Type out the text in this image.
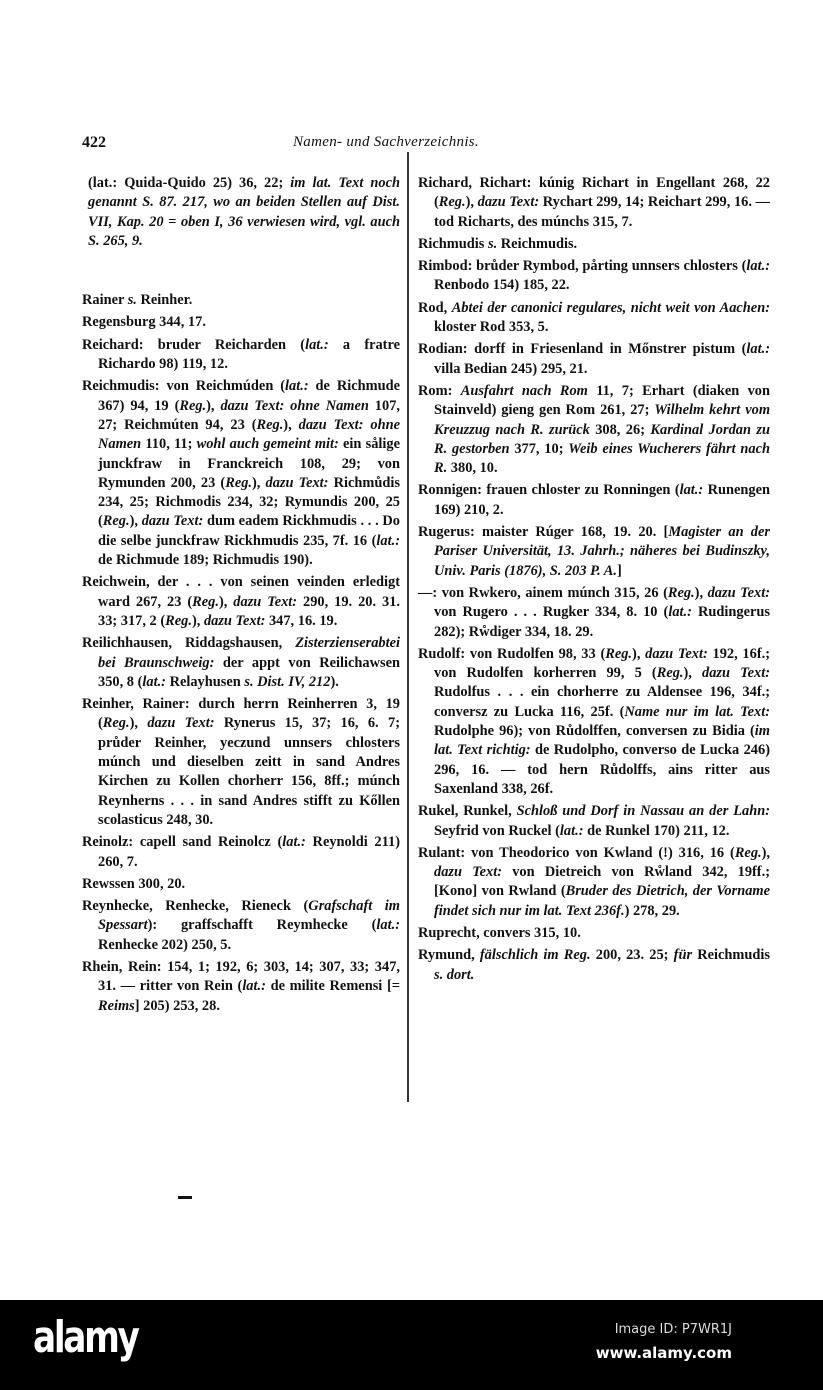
422	Namen- und Sachverzeichnis.
(lat.: Quida-Quido 25) 36, 22; im lat. Text noch genannt S. 87. 217, wo an beiden Stellen auf Dist. VII, Kap. 20 = oben I, 36 verwiesen wird, vgl. auch S. 265, 9.
Rainer s. Reinher.
Regensburg 344, 17.
Reichard: bruder Reicharden (lat.: a fratre Richardo 98) 119, 12.
Reichmudis: von Reichmúden (lat.: de Richmude 367) 94, 19 (Reg.), dazu Text: ohne Namen 107, 27; Reichmúten 94, 23 (Reg.), dazu Text: ohne Namen 110, 11; wohl auch gemeint mit: ein sålige junckfraw in Franckreich 108, 29; von Rymunden 200, 23 (Reg.), dazu Text: Richmůdis 234, 25; Richmodis 234, 32; Rymundis 200, 25 (Reg.), dazu Text: dum eadem Rickhmudis . . . Do die selbe junckfraw Rickhmudis 235, 7f. 16 (lat.: de Richmude 189; Richmudis 190).
Reichwein, der . . . von seinen veinden erledigt ward 267, 23 (Reg.), dazu Text: 290, 19. 20. 31. 33; 317, 2 (Reg.), dazu Text: 347, 16. 19.
Reilichhausen, Riddagshausen, Zisterzienserabtei bei Braunschweig: der appt von Reilichawsen 350, 8 (lat.: Relayhusen s. Dist. IV, 212).
Reinher, Rainer: durch herrn Reinherren 3, 19 (Reg.), dazu Text: Rynerus 15, 37; 16, 6. 7; průder Reinher, yeczund unnsers chlosters múnch und dieselben zeitt in sand Andres Kirchen zu Kollen chorherr 156, 8ff.; múnch Reynherns . . . in sand Andres stifft zu Kőllen scolasticus 248, 30.
Reinolz: capell sand Reinolcz (lat.: Reynoldi 211) 260, 7.
Rewssen 300, 20.
Reynhecke, Renhecke, Rieneck (Grafschaft im Spessart): graffschafft Reymhecke (lat.: Renhecke 202) 250, 5.
Rhein, Rein: 154, 1; 192, 6; 303, 14; 307, 33; 347, 31. — ritter von Rein (lat.: de milite Remensi [= Reims] 205) 253, 28.
Richard, Richart: kúnig Richart in Engellant 268, 22 (Reg.), dazu Text: Rychart 299, 14; Reichart 299, 16. — tod Richarts, des múnchs 315, 7.
Richmudis s. Reichmudis.
Rimbod: brůder Rymbod, pårting unnsers chlosters (lat.: Renbodo 154) 185, 22.
Rod, Abtei der canonici regulares, nicht weit von Aachen: kloster Rod 353, 5.
Rodian: dorff in Friesenland in Mőnstrer pistum (lat.: villa Bedian 245) 295, 21.
Rom: Ausfahrt nach Rom 11, 7; Erhart (diaken von Stainveld) gieng gen Rom 261, 27; Wilhelm kehrt vom Kreuzzug nach R. zurück 308, 26; Kardinal Jordan zu R. gestorben 377, 10; Weib eines Wucherers fährt nach R. 380, 10.
Ronnigen: frauen chloster zu Ronningen (lat.: Runengen 169) 210, 2.
Rugerus: maister Rúger 168, 19. 20. [Magister an der Pariser Universität, 13. Jahrh.; näheres bei Budinszky, Univ. Paris (1876), S. 203 P. A.]
—: von Rwkero, ainem múnch 315, 26 (Reg.), dazu Text: von Rugero . . . Rugker 334, 8. 10 (lat.: Rudingerus 282); Rẘdiger 334, 18. 29.
Rudolf: von Rudolfen 98, 33 (Reg.), dazu Text: 192, 16f.; von Rudolfen korherren 99, 5 (Reg.), dazu Text: Rudolfus . . . ein chorherre zu Aldensee 196, 34f.; conversz zu Lucka 116, 25f. (Name nur im lat. Text: Rudolphe 96); von Růdolffen, conversen zu Bidia (im lat. Text richtig: de Rudolpho, converso de Lucka 246) 296, 16. — tod hern Růdolffs, ains ritter aus Saxenland 338, 26f.
Rukel, Runkel, Schloß und Dorf in Nassau an der Lahn: Seyfrid von Ruckel (lat.: de Runkel 170) 211, 12.
Rulant: von Theodorico von Kwland (!) 316, 16 (Reg.), dazu Text: von Dietreich von Rẘland 342, 19ff.; [Kono] von Rwland (Bruder des Dietrich, der Vorname findet sich nur im lat. Text 236f.) 278, 29.
Ruprecht, convers 315, 10.
Rymund, fälschlich im Reg. 200, 23. 25; für Reichmudis s. dort.
alamy	Image ID: P7WR1J
www.alamy.com
